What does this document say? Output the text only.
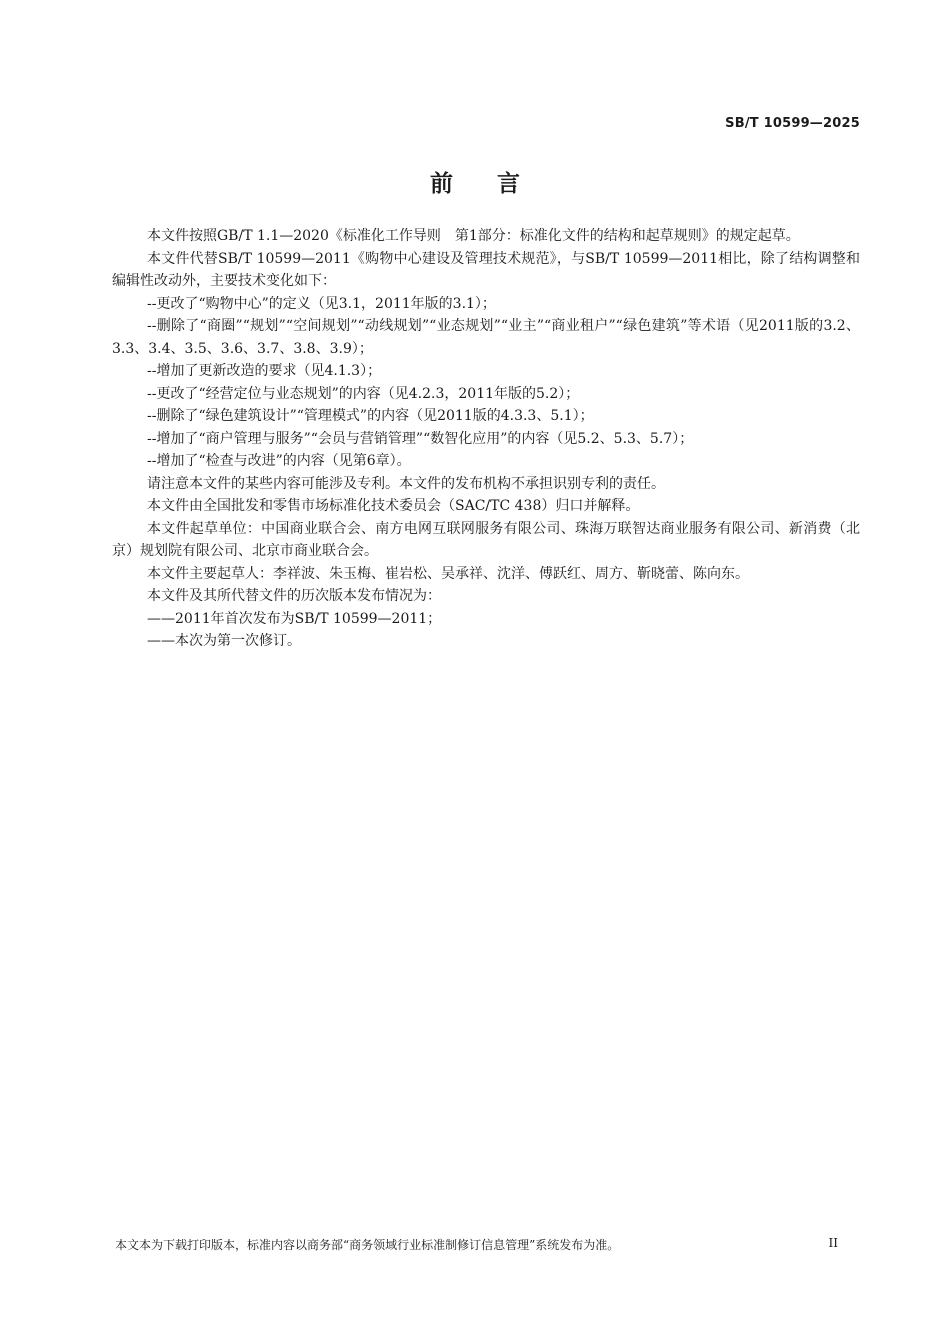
SB/T 10599—2025
前言

本文件按照GB/T 1.1—2020《标准化工作导则　第1部分：标准化文件的结构和起草规则》的规定起草。

本文件代替SB/T 10599—2011《购物中心建设及管理技术规范》，与SB/T 10599—2011相比，除了结构调整和编辑性改动外，主要技术变化如下：

--更改了“购物中心”的定义（见3.1，2011年版的3.1）；

--删除了“商圈”“规划”“空间规划”“动线规划”“业态规划”“业主”“商业租户”“绿色建筑”等术语（见2011版的3.2、3.3、3.4、3.5、3.6、3.7、3.8、3.9）；

--增加了更新改造的要求（见4.1.3）；

--更改了“经营定位与业态规划”的内容（见4.2.3，2011年版的5.2）；

--删除了“绿色建筑设计”“管理模式”的内容（见2011版的4.3.3、5.1）；

--增加了“商户管理与服务”“会员与营销管理”“数智化应用”的内容（见5.2、5.3、5.7）；

--增加了“检查与改进”的内容（见第6章）。

请注意本文件的某些内容可能涉及专利。本文件的发布机构不承担识别专利的责任。

本文件由全国批发和零售市场标准化技术委员会（SAC/TC 438）归口并解释。

本文件起草单位：中国商业联合会、南方电网互联网服务有限公司、珠海万联智达商业服务有限公司、新消费（北京）规划院有限公司、北京市商业联合会。

本文件主要起草人：李祥波、朱玉梅、崔岩松、吴承祥、沈洋、傅跃红、周方、靳晓蕾、陈向东。

本文件及其所代替文件的历次版本发布情况为：

——2011年首次发布为SB/T 10599—2011；

——本次为第一次修订。

本文本为下载打印版本，标准内容以商务部“商务领域行业标准制修订信息管理”系统发布为准。	II
